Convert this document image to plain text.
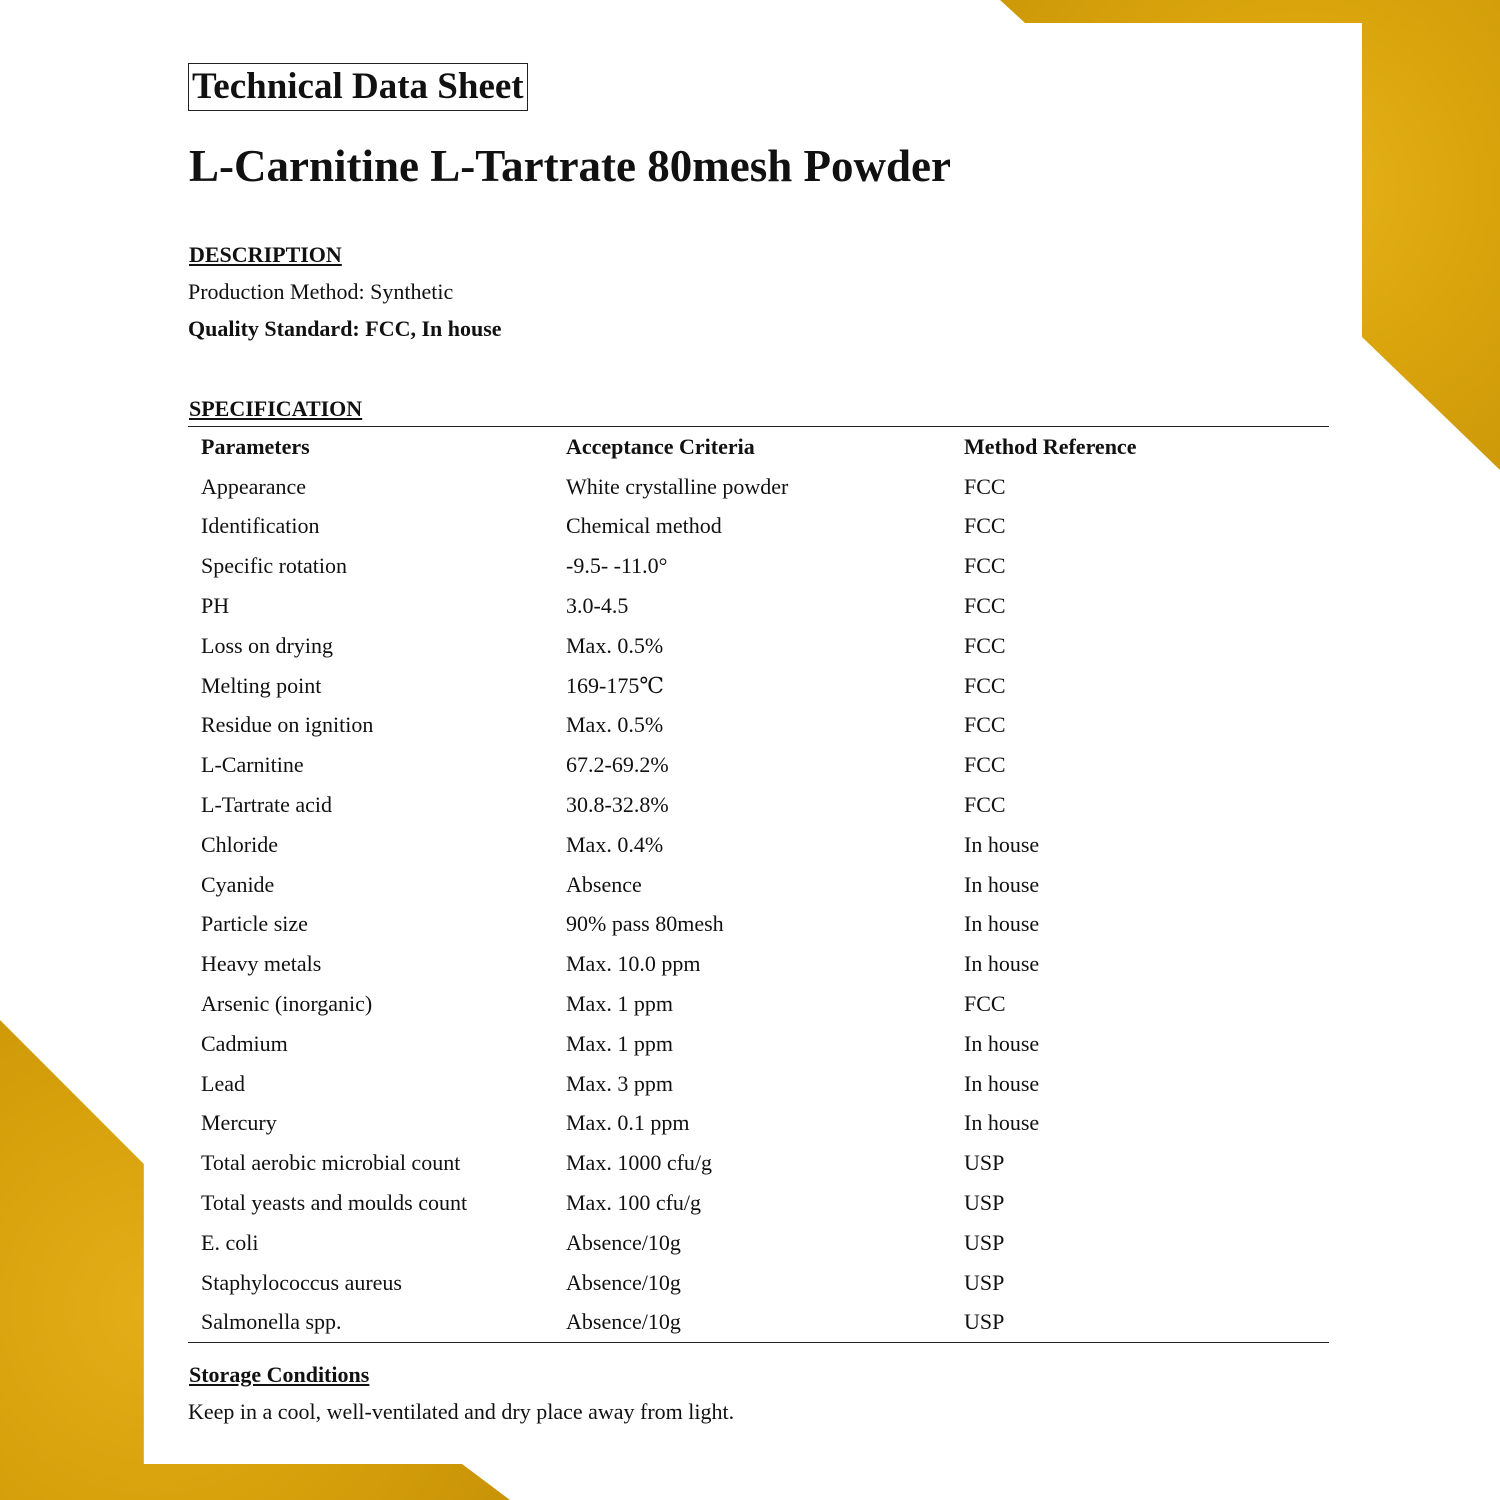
Technical Data Sheet
L-Carnitine L-Tartrate 80mesh Powder
DESCRIPTION
Production Method: Synthetic
Quality Standard: FCC, In house
SPECIFICATION
Parameters	Acceptance Criteria	Method Reference
Appearance	White crystalline powder	FCC
Identification	Chemical method	FCC
Specific rotation	-9.5- -11.0°	FCC
PH	3.0-4.5	FCC
Loss on drying	Max. 0.5%	FCC
Melting point	169-175℃	FCC
Residue on ignition	Max. 0.5%	FCC
L-Carnitine	67.2-69.2%	FCC
L-Tartrate acid	30.8-32.8%	FCC
Chloride	Max. 0.4%	In house
Cyanide	Absence	In house
Particle size	90% pass 80mesh	In house
Heavy metals	Max. 10.0 ppm	In house
Arsenic (inorganic)	Max. 1 ppm	FCC
Cadmium	Max. 1 ppm	In house
Lead	Max. 3 ppm	In house
Mercury	Max. 0.1 ppm	In house
Total aerobic microbial count	Max. 1000 cfu/g	USP
Total yeasts and moulds count	Max. 100 cfu/g	USP
E. coli	Absence/10g	USP
Staphylococcus aureus	Absence/10g	USP
Salmonella spp.	Absence/10g	USP
Storage Conditions
Keep in a cool, well-ventilated and dry place away from light.
